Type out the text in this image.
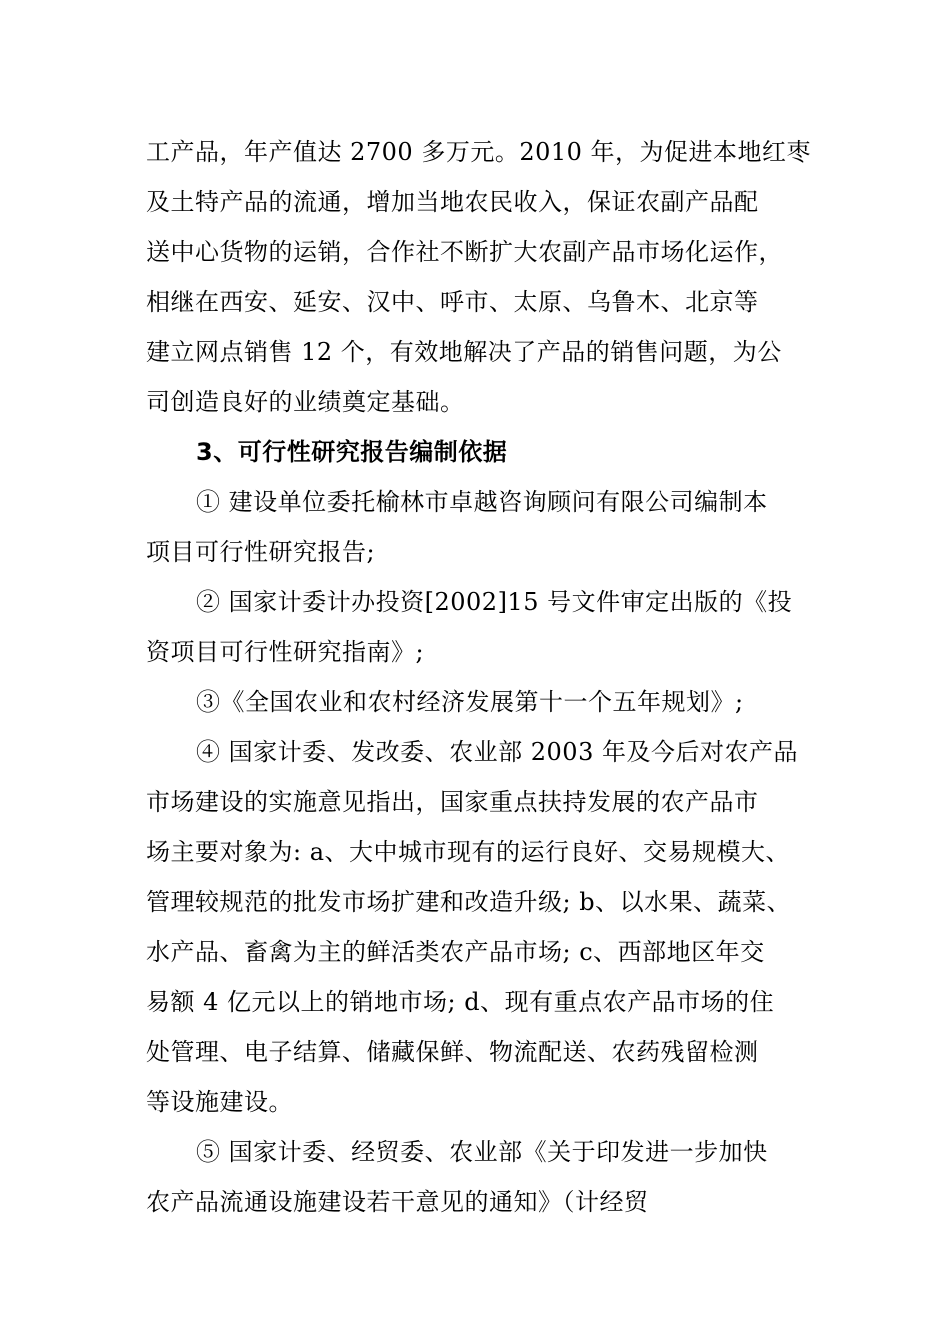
工产品，年产值达 2700 多万元。2010 年，为促进本地红枣
及土特产品的流通，增加当地农民收入，保证农副产品配
送中心货物的运销，合作社不断扩大农副产品市场化运作，
相继在西安、延安、汉中、呼市、太原、乌鲁木、北京等
建立网点销售 12 个，有效地解决了产品的销售问题，为公
司创造良好的业绩奠定基础。
3、可行性研究报告编制依据
① 建设单位委托榆林市卓越咨询顾问有限公司编制本
项目可行性研究报告;
② 国家计委计办投资[2002]15 号文件审定出版的《投
资项目可行性研究指南》;
③《全国农业和农村经济发展第十一个五年规划》;
④ 国家计委、发改委、农业部 2003 年及今后对农产品
市场建设的实施意见指出，国家重点扶持发展的农产品市
场主要对象为: a、大中城市现有的运行良好、交易规模大、
管理较规范的批发市场扩建和改造升级; b、以水果、蔬菜、
水产品、畜禽为主的鲜活类农产品市场; c、西部地区年交
易额 4 亿元以上的销地市场; d、现有重点农产品市场的住
处管理、电子结算、储藏保鲜、物流配送、农药残留检测
等设施建设。
⑤ 国家计委、经贸委、农业部《关于印发进一步加快
农产品流通设施建设若干意见的通知》（计经贸
